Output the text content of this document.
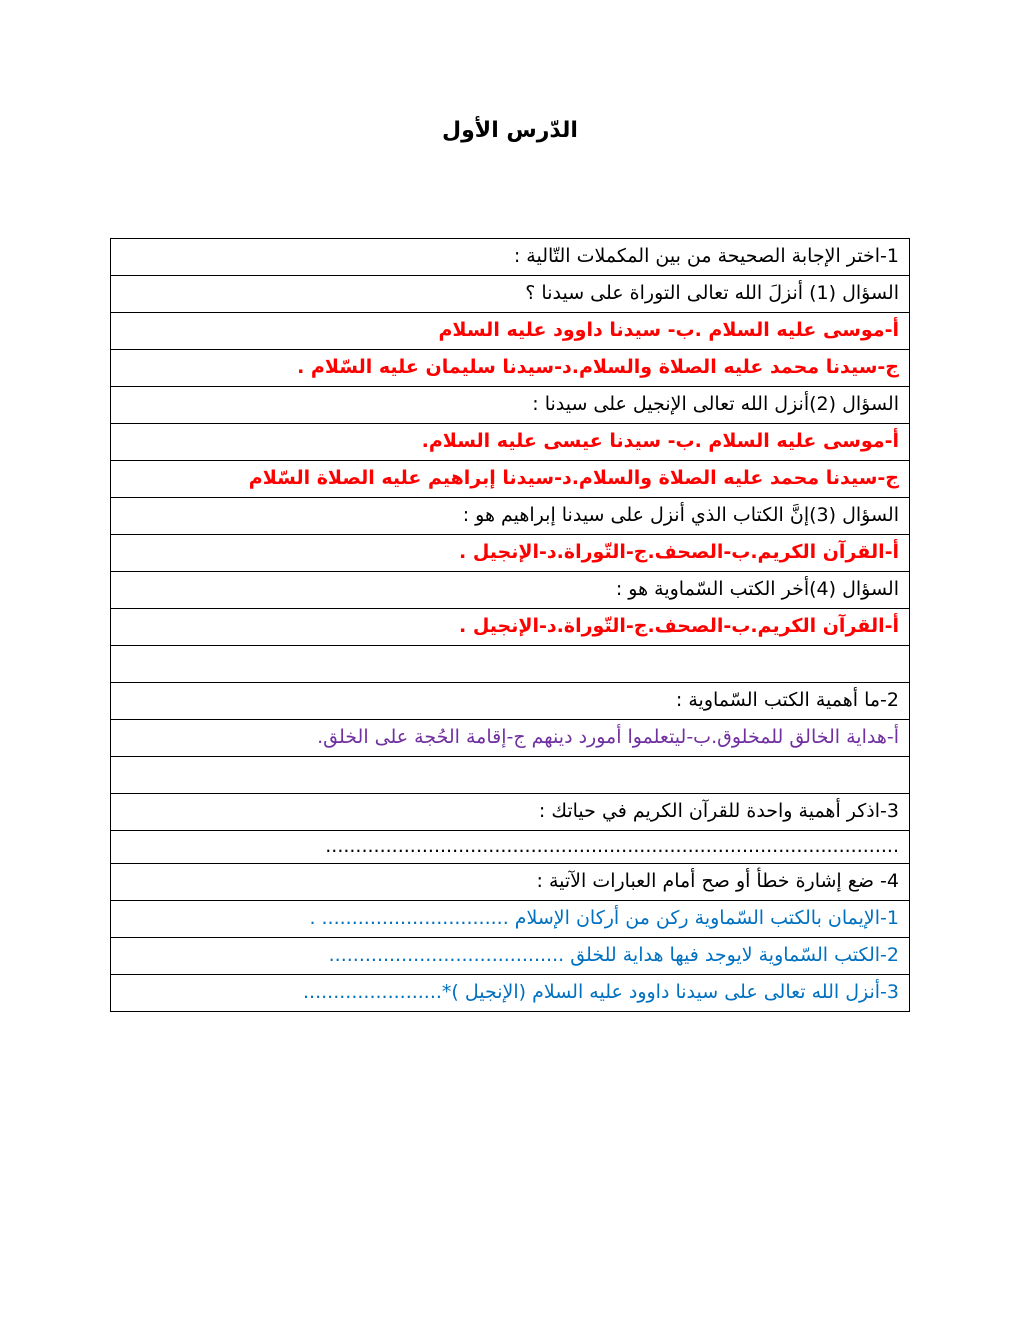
الدّرس الأول
1-اختر الإجابة الصحيحة من بين المكملات التّالية :
السؤال (1) أنزلَ الله تعالى التوراة على سيدنا ؟
أ-موسى عليه السلام .ب- سيدنا داوود عليه السلام
ج-سيدنا محمد عليه الصلاة والسلام.د-سيدنا سليمان عليه السّلام .
السؤال (2)أنزل الله تعالى الإنجيل على سيدنا :
أ-موسى عليه السلام .ب- سيدنا عيسى عليه السلام.
ج-سيدنا محمد عليه الصلاة والسلام.د-سيدنا إبراهيم عليه الصلاة السّلام
السؤال (3)إنَّ الكتاب الذي أنزل على سيدنا إبراهيم هو :
أ-القرآن الكريم.ب-الصحف.ج-التّوراة.د-الإنجيل .
السؤال (4)أخر الكتب السّماوية هو :
أ-القرآن الكريم.ب-الصحف.ج-التّوراة.د-الإنجيل .

2-ما أهمية الكتب السّماوية :
أ-هداية الخالق للمخلوق.ب-ليتعلموا أمورد دينهم ج-إقامة الحُجة على الخلق.

3-اذكر أهمية واحدة للقرآن الكريم في حياتك :
...............................................................................................
4- ضع إشارة خطأ أو صح أمام العبارات الآتية :
1-الإيمان بالكتب السّماوية ركن من أركان الإسلام ............................... .
2-الكتب السّماوية لايوجد فيها هداية للخلق .......................................
3-أنزل الله تعالى على سيدنا داوود عليه السلام (الإنجيل )*.......................
